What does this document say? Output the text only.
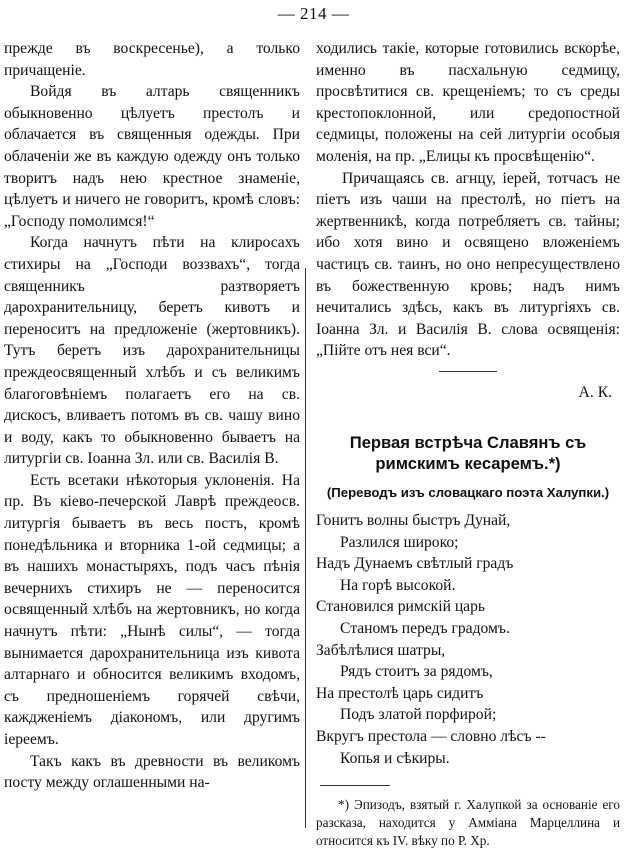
— 214 —

прежде въ воскресенье), а только причащеніе.

Войдя въ алтарь священникъ обыкновенно цѣлуетъ престолъ и облачается въ священныя одежды. При облаченіи же въ каждую одежду онъ только творитъ надъ нею крестное знаменіе, цѣлуетъ и ничего не говоритъ, кромѣ словъ: „Господу помолимся!“

Когда начнутъ пѣти на клиросахъ стихиры на „Господи воззвахъ“, тогда священникъ разтворяетъ дарохранительницу, беретъ кивотъ и переноситъ на предложеніе (жертовникъ). Тутъ беретъ изъ дарохранительницы преждеосвященный хлѣбъ и съ великимъ благоговѣніемъ полагаетъ его на св. дискосъ, вливаетъ потомъ въ св. чашу вино и воду, какъ то обыкновенно бываетъ на литургіи св. Іоанна Зл. или св. Василія В.

Есть всетаки нѣкоторыя уклоненія. На пр. Въ кіево-печерской Лаврѣ преждеосв. литургія бываетъ въ весь постъ, кромѣ понедѣльника и вторника 1-ой седмицы; а въ нашихъ монастыряхъ, подъ часъ пѣнія вечернихъ стихиръ не — переносится освященный хлѣбъ на жертовникъ, но когда начнутъ пѣти: „Нынѣ силы“, — тогда вынимается дарохранительница изъ кивота алтарнаго и обносится великимъ входомъ, съ предношеніемъ горячей свѣчи, каждженіемъ діакономъ, или другимъ іереемъ.

Такъ какъ въ древности въ великомъ посту между оглашенными на-

ходились такіе, которые готовились вскорѣе, именно въ пасхальную седмицу, просвѣтитися св. крещеніемъ; то съ среды крестопоклонной, или средопостной седмицы, положены на сей литургіи особыя моленія, на пр. „Елицы къ просвѣщенію“.

Причащаясь св. агнцу, іерей, тотчасъ не піетъ изъ чаши на престолѣ, но піетъ на жертвенникѣ, когда потребляетъ св. тайны; ибо хотя вино и освящено вложеніемъ частицъ св. таинъ, но оно непресуществлено въ божественную кровь; надъ нимъ нечитались здѣсь, какъ въ литургіяхъ св. Іоанна Зл. и Василія В. слова освященія: „Пійте отъ нея вси“.

А. К.
Первая встрѣча Славянъ съ
римскимъ кесаремъ.*)
(Переводъ изъ словацкаго поэта Халупки.)
Гонитъ волны быстръ Дунай,
Разлился широко;
Надъ Дунаемъ свѣтлый градъ
На горѣ высокой.
Становился римскій царь
Станомъ передъ градомъ.
Забѣлѣлися шатры,
Рядъ стоитъ за рядомъ,
На престолѣ царь сидитъ
Подъ златой порфирой;
Вкругъ престола — словно лѣсъ --
Копья и сѣкиры.

*) Эпизодъ, взятый г. Халупкой за основаніе его разсказа, находится у Амміана Марцеллина и относится къ IV. вѣку по Р. Хр.
